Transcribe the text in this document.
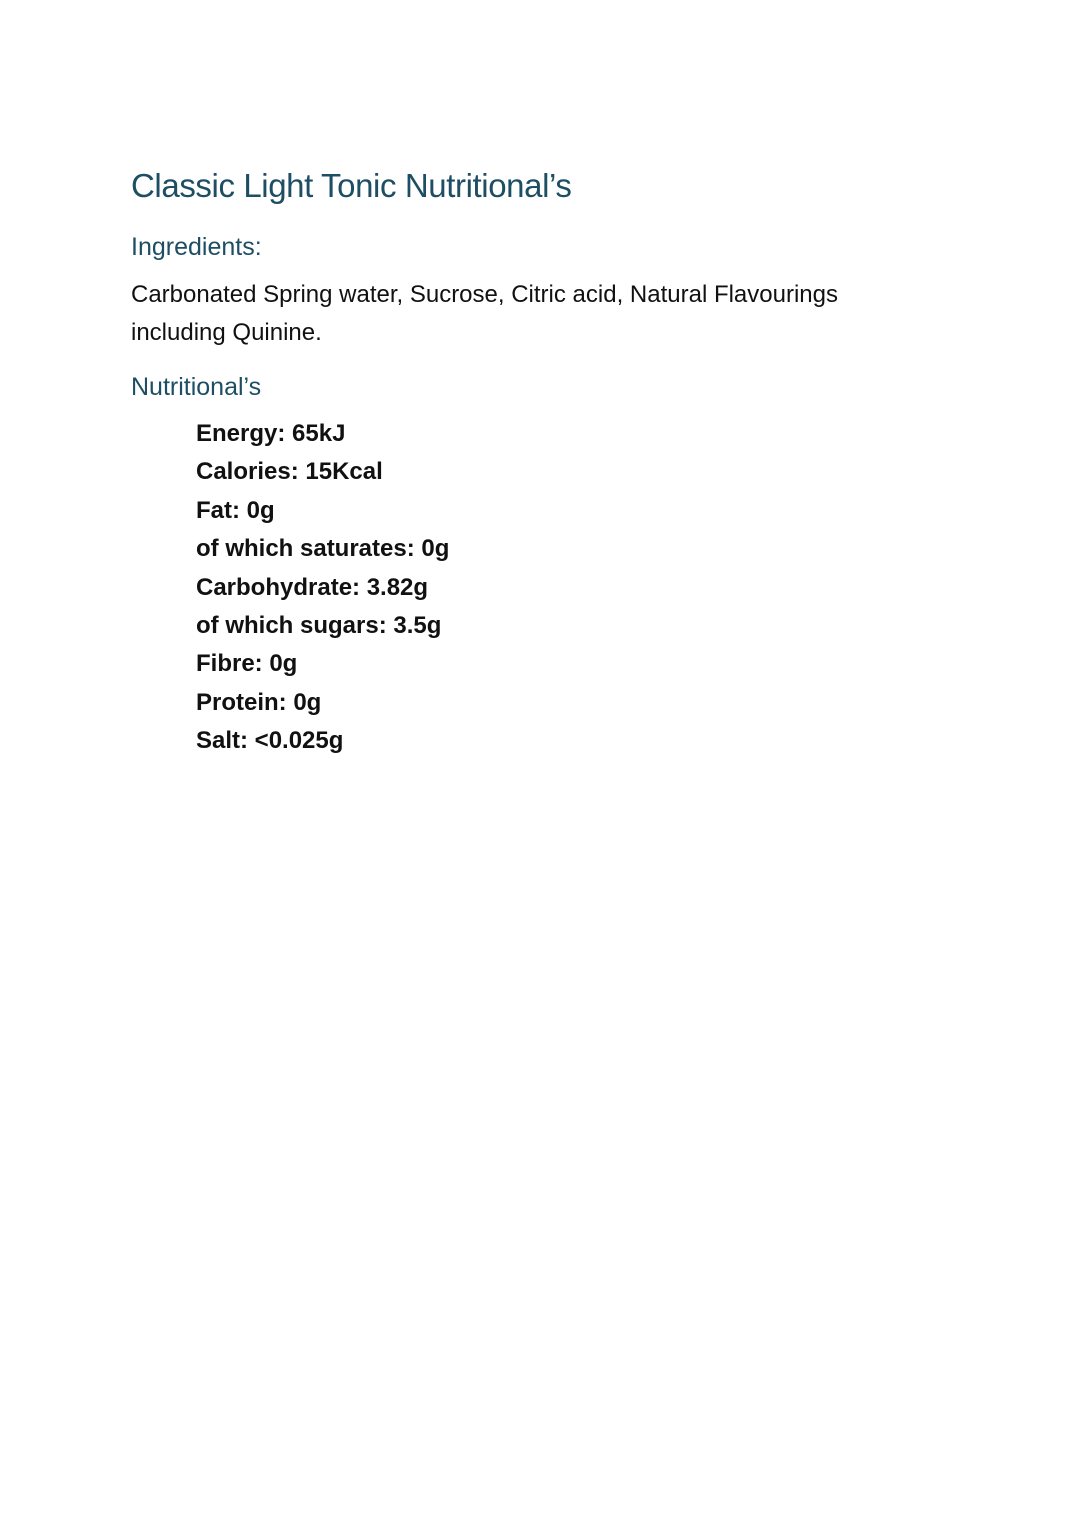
Classic Light Tonic Nutritional’s
Ingredients:

Carbonated Spring water, Sucrose, Citric acid, Natural Flavourings including Quinine.

Nutritional’s
Energy: 65kJ
Calories: 15Kcal
Fat: 0g
of which saturates: 0g
Carbohydrate: 3.82g
of which sugars: 3.5g
Fibre: 0g
Protein: 0g
Salt: <0.025g
